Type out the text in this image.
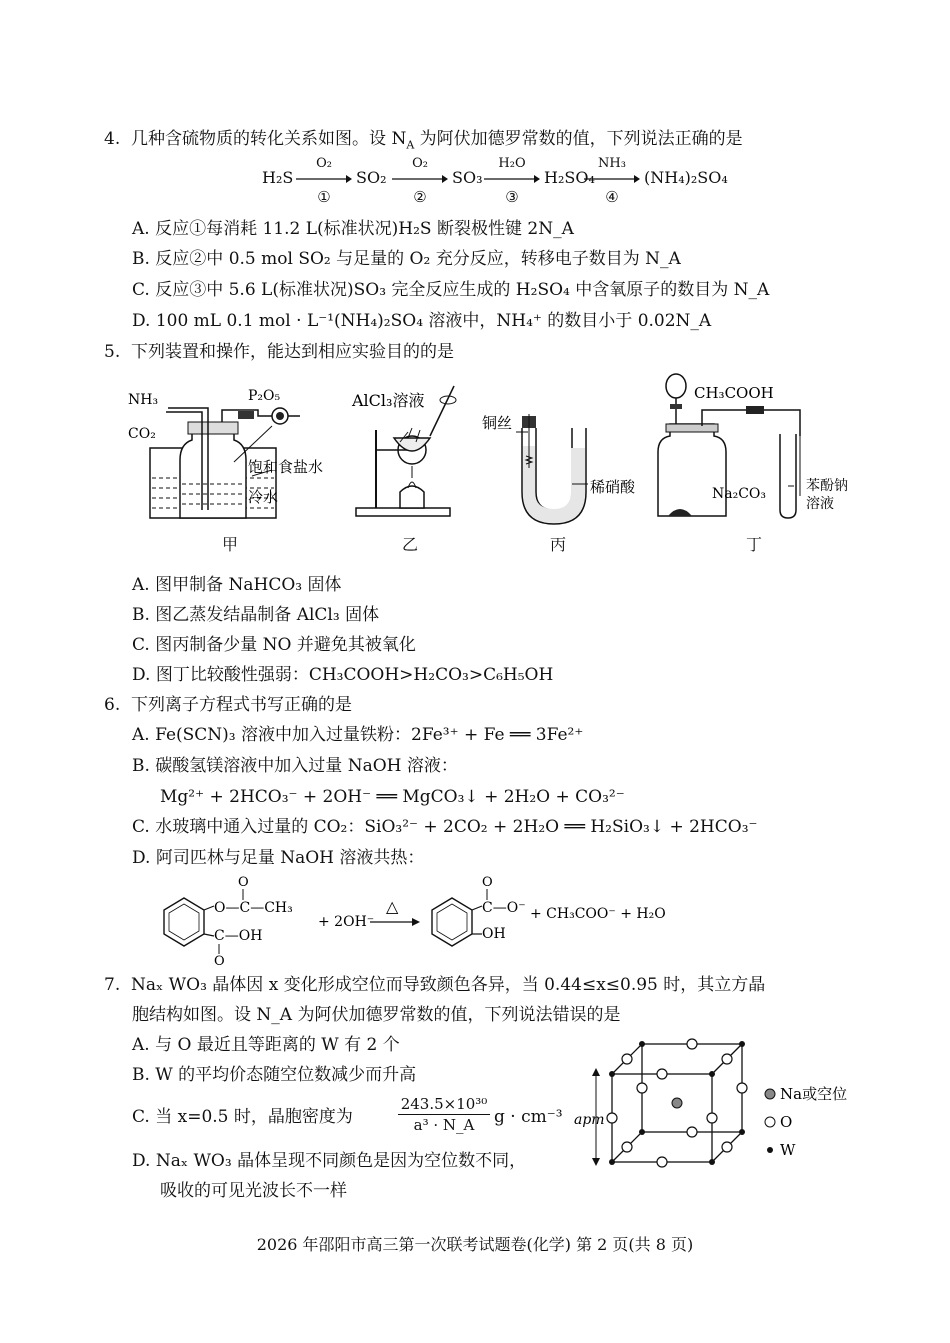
4. 几种含硫物质的转化关系如图。设 $N_A$ 为阿伏加德罗常数的值，下列说法正确的是
H₂S
O₂
①
SO₂
O₂
②
SO₃
H₂O
③
H₂SO₄
NH₃
④
(NH₄)₂SO₄
A. 反应①每消耗 11.2 L(标准状况)H₂S 断裂极性键 2N_A
B. 反应②中 0.5 mol SO₂ 与足量的 O₂ 充分反应，转移电子数目为 N_A
C. 反应③中 5.6 L(标准状况)SO₃ 完全反应生成的 H₂SO₄ 中含氧原子的数目为 N_A
D. 100 mL 0.1 mol · L⁻¹(NH₄)₂SO₄ 溶液中，NH₄⁺ 的数目小于 0.02N_A
5. 下列装置和操作，能达到相应实验目的的是
NH₃
CO₂
P₂O₅
饱和食盐水
冷水
甲
AlCl₃溶液
乙
铜丝
稀硝酸
丙
CH₃COOH
Na₂CO₃	苯酚钠
溶液
丁
A. 图甲制备 NaHCO₃ 固体
B. 图乙蒸发结晶制备 AlCl₃ 固体
C. 图丙制备少量 NO 并避免其被氧化
D. 图丁比较酸性强弱：CH₃COOH>H₂CO₃>C₆H₅OH
6. 下列离子方程式书写正确的是
A. Fe(SCN)₃ 溶液中加入过量铁粉：2Fe³⁺ + Fe ══ 3Fe²⁺
B. 碳酸氢镁溶液中加入过量 NaOH 溶液：
Mg²⁺ + 2HCO₃⁻ + 2OH⁻ ══ MgCO₃↓ + 2H₂O + CO₃²⁻
C. 水玻璃中通入过量的 CO₂：SiO₃²⁻ + 2CO₂ + 2H₂O ══ H₂SiO₃↓ + 2HCO₃⁻
D. 阿司匹林与足量 NaOH 溶液共热：
O—C—CH₃
O
C—OH
O
+ 2OH⁻
△	C—O⁻
O
OH
+ CH₃COO⁻ + H₂O
7. Naₓ WO₃ 晶体因 x 变化形成空位而导致颜色各异，当 0.44≤x≤0.95 时，其立方晶
胞结构如图。设 N_A 为阿伏加德罗常数的值，下列说法错误的是
A. 与 O 最近且等距离的 W 有 2 个
B. W 的平均价态随空位数减少而升高
C. 当 x=0.5 时，晶胞密度为	$\frac{\text{243.5×10³⁰}}{\text{a³ · N\_A}}$ g · cm⁻³
D. Naₓ WO₃ 晶体呈现不同颜色是因为空位数不同，
吸收的可见光波长不一样
apm
Na或空位
O
W
2026 年邵阳市高三第一次联考试题卷(化学) 第 2 页(共 8 页)
